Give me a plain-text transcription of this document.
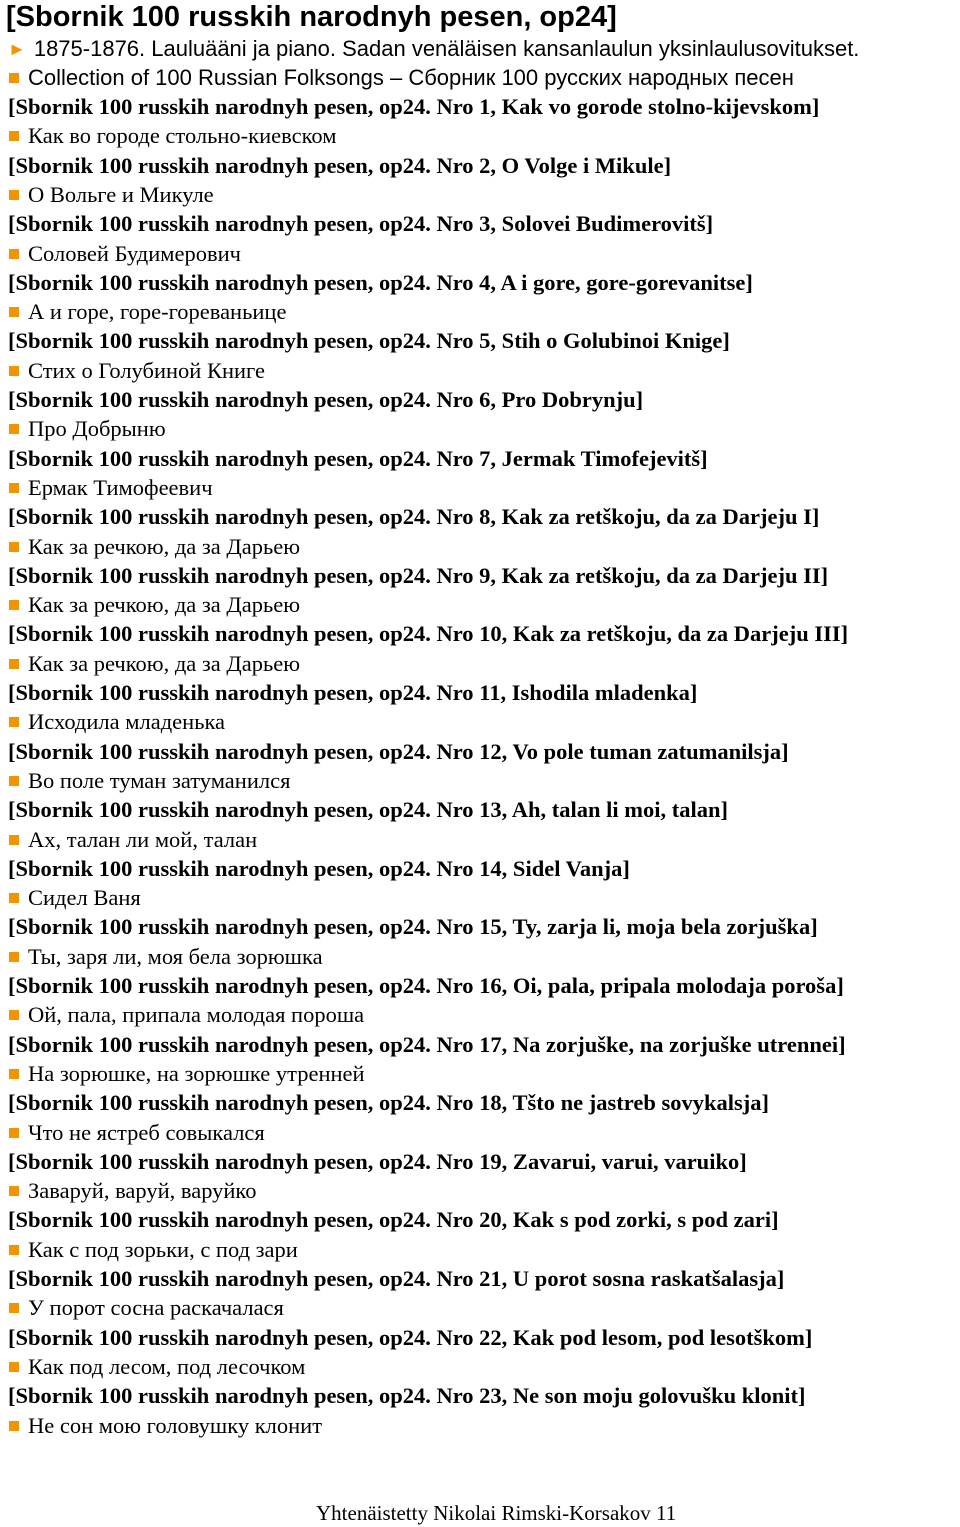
[Sbornik 100 russkih narodnyh pesen, op24]
► 1875-1876. Lauluääni ja piano. Sadan venäläisen kansanlaulun yksinlaulusovitukset.
Collection of 100 Russian Folksongs – Сборник 100 русских народных песен
[Sbornik 100 russkih narodnyh pesen, op24. Nro 1, Kak vo gorode stolno-kijevskom]
Как во городе стольно-киевском
[Sbornik 100 russkih narodnyh pesen, op24. Nro 2, O Volge i Mikule]
О Вольге и Микуле
[Sbornik 100 russkih narodnyh pesen, op24. Nro 3, Solovei Budimerovitš]
Соловей Будимерович
[Sbornik 100 russkih narodnyh pesen, op24. Nro 4, A i gore, gore-gorevanitse]
А и горе, горе-гореваньице
[Sbornik 100 russkih narodnyh pesen, op24. Nro 5, Stih o Golubinoi Knige]
Стих о Голубиной Книге
[Sbornik 100 russkih narodnyh pesen, op24. Nro 6, Pro Dobrynju]
Про Добрыню
[Sbornik 100 russkih narodnyh pesen, op24. Nro 7, Jermak Timofejevitš]
Ермак Тимофеевич
[Sbornik 100 russkih narodnyh pesen, op24. Nro 8, Kak za retškoju, da za Darjeju I]
Как за речкою, да за Дарьею
[Sbornik 100 russkih narodnyh pesen, op24. Nro 9, Kak za retškoju, da za Darjeju II]
Как за речкою, да за Дарьею
[Sbornik 100 russkih narodnyh pesen, op24. Nro 10, Kak za retškoju, da za Darjeju III]
Как за речкою, да за Дарьею
[Sbornik 100 russkih narodnyh pesen, op24. Nro 11, Ishodila mladenka]
Исходила младенька
[Sbornik 100 russkih narodnyh pesen, op24. Nro 12, Vo pole tuman zatumanilsja]
Во поле туман затуманился
[Sbornik 100 russkih narodnyh pesen, op24. Nro 13, Ah, talan li moi, talan]
Ах, талан ли мой, талан
[Sbornik 100 russkih narodnyh pesen, op24. Nro 14, Sidel Vanja]
Сидел Ваня
[Sbornik 100 russkih narodnyh pesen, op24. Nro 15, Ty, zarja li, moja bela zorjuška]
Ты, заря ли, моя бела зорюшка
[Sbornik 100 russkih narodnyh pesen, op24. Nro 16, Oi, pala, pripala molodaja poroša]
Ой, пала, припала молодая пороша
[Sbornik 100 russkih narodnyh pesen, op24. Nro 17, Na zorjuške, na zorjuške utrennei]
На зорюшке, на зорюшке утренней
[Sbornik 100 russkih narodnyh pesen, op24. Nro 18, Tšto ne jastreb sovykalsja]
Что не ястреб совыкался
[Sbornik 100 russkih narodnyh pesen, op24. Nro 19, Zavarui, varui, varuiko]
Заваруй, варуй, варуйко
[Sbornik 100 russkih narodnyh pesen, op24. Nro 20, Kak s pod zorki, s pod zari]
Как с под зорьки, с под зари
[Sbornik 100 russkih narodnyh pesen, op24. Nro 21, U porot sosna raskatšalasja]
У порот сосна раскачалася
[Sbornik 100 russkih narodnyh pesen, op24. Nro 22, Kak pod lesom, pod lesotškom]
Как под лесом, под лесочком
[Sbornik 100 russkih narodnyh pesen, op24. Nro 23, Ne son moju golovušku klonit]
Не сон мою головушку клонит
Yhtenäistetty Nikolai Rimski-Korsakov 11
